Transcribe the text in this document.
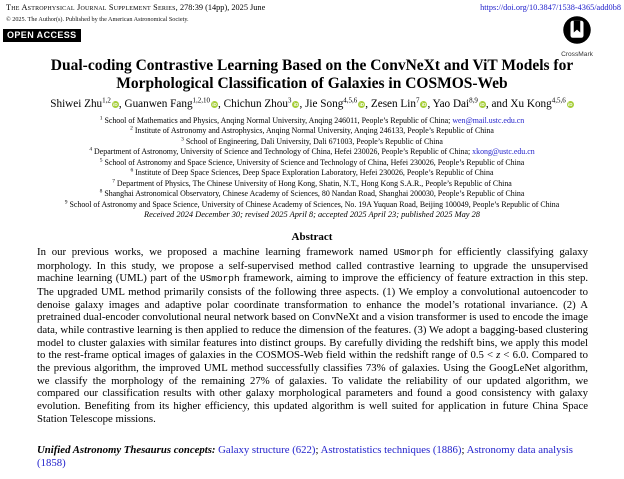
The Astrophysical Journal Supplement Series, 278:39 (14pp), 2025 June
© 2025. The Author(s). Published by the American Astronomical Society.
OPEN ACCESS
https://doi.org/10.3847/1538-4365/add0b8
CrossMark
Dual-coding Contrastive Learning Based on the ConvNeXt and ViT Models for Morphological Classification of Galaxies in COSMOS-Web
Shiwei Zhu$^{1,2}$iD, Guanwen Fang$^{1,2,10}$iD, Chichun Zhou$^3$iD, Jie Song$^{4,5,6}$iD, Zesen Lin$^7$iD, Yao Dai$^{8,9}$iD, and Xu Kong$^{4,5,6}$iD
$^1$ School of Mathematics and Physics, Anqing Normal University, Anqing 246011, People’s Republic of China; wen@mail.ustc.edu.cn
$^2$ Institute of Astronomy and Astrophysics, Anqing Normal University, Anqing 246133, People’s Republic of China
$^3$ School of Engineering, Dali University, Dali 671003, People’s Republic of China
$^4$ Department of Astronomy, University of Science and Technology of China, Hefei 230026, People’s Republic of China; xkong@ustc.edu.cn
$^5$ School of Astronomy and Space Science, University of Science and Technology of China, Hefei 230026, People’s Republic of China
$^6$ Institute of Deep Space Sciences, Deep Space Exploration Laboratory, Hefei 230026, People’s Republic of China
$^7$ Department of Physics, The Chinese University of Hong Kong, Shatin, N.T., Hong Kong S.A.R., People’s Republic of China
$^8$ Shanghai Astronomical Observatory, Chinese Academy of Sciences, 80 Nandan Road, Shanghai 200030, People’s Republic of China
$^9$ School of Astronomy and Space Science, University of Chinese Academy of Sciences, No. 19A Yuquan Road, Beijing 100049, People’s Republic of China
Received 2024 December 30; revised 2025 April 8; accepted 2025 April 23; published 2025 May 28
Abstract
In our previous works, we proposed a machine learning framework named USmorph for efficiently classifying galaxy morphology. In this study, we propose a self-supervised method called contrastive learning to upgrade the unsupervised machine learning (UML) part of the USmorph framework, aiming to improve the efficiency of feature extraction in this step. The upgraded UML method primarily consists of the following three aspects. (1) We employ a convolutional autoencoder to denoise galaxy images and adaptive polar coordinate transformation to enhance the model’s rotational invariance. (2) A pretrained dual-encoder convolutional neural network based on ConvNeXt and a vision transformer is used to encode the image data, while contrastive learning is then applied to reduce the dimension of the features. (3) We adopt a bagging-based clustering model to cluster galaxies with similar features into distinct groups. By carefully dividing the redshift bins, we apply this model to the rest-frame optical images of galaxies in the COSMOS-Web field within the redshift range of 0.5 < z < 6.0. Compared to the previous algorithm, the improved UML method successfully classifies 73% of galaxies. Using the GoogLeNet algorithm, we classify the morphology of the remaining 27% of galaxies. To validate the reliability of our updated algorithm, we compared our classification results with other galaxy morphological parameters and found a good consistency with galaxy evolution. Benefiting from its higher efficiency, this updated algorithm is well suited for application in future China Space Station Telescope missions.
Unified Astronomy Thesaurus concepts: Galaxy structure (622); Astrostatistics techniques (1886); Astronomy data analysis (1858)
